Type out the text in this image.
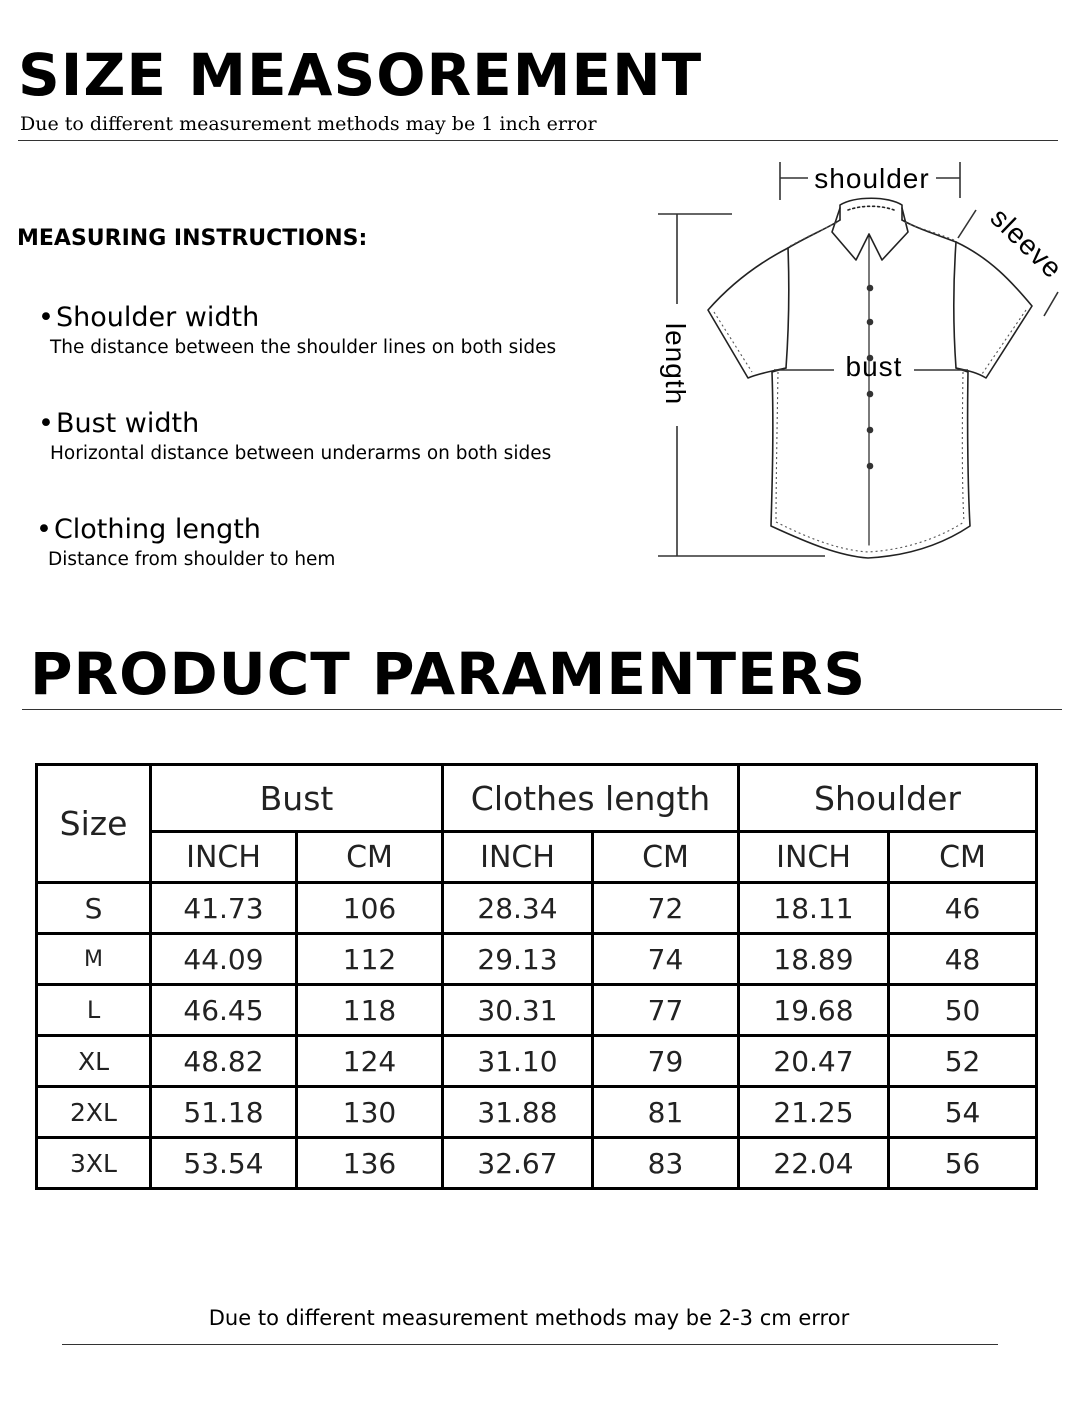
SIZE MEASOREMENT
Due to different measurement methods may be 1 inch error
MEASURING INSTRUCTIONS:
•Shoulder width
The distance between the shoulder lines on both sides
•Bust width
Horizontal distance between underarms on both sides
•Clothing length
Distance from shoulder to hem
shoulder
bust
length
sleeve
PRODUCT PARAMENTERS
Size	Bust		Clothes length		Shoulder	
	INCH	CM	INCH	CM	INCH	CM
S	41.73	106	28.34	72	18.11	46
M	44.09	112	29.13	74	18.89	48
L	46.45	118	30.31	77	19.68	50
XL	48.82	124	31.10	79	20.47	52
2XL	51.18	130	31.88	81	21.25	54
3XL	53.54	136	32.67	83	22.04	56
Due to different measurement methods may be 2-3 cm error
